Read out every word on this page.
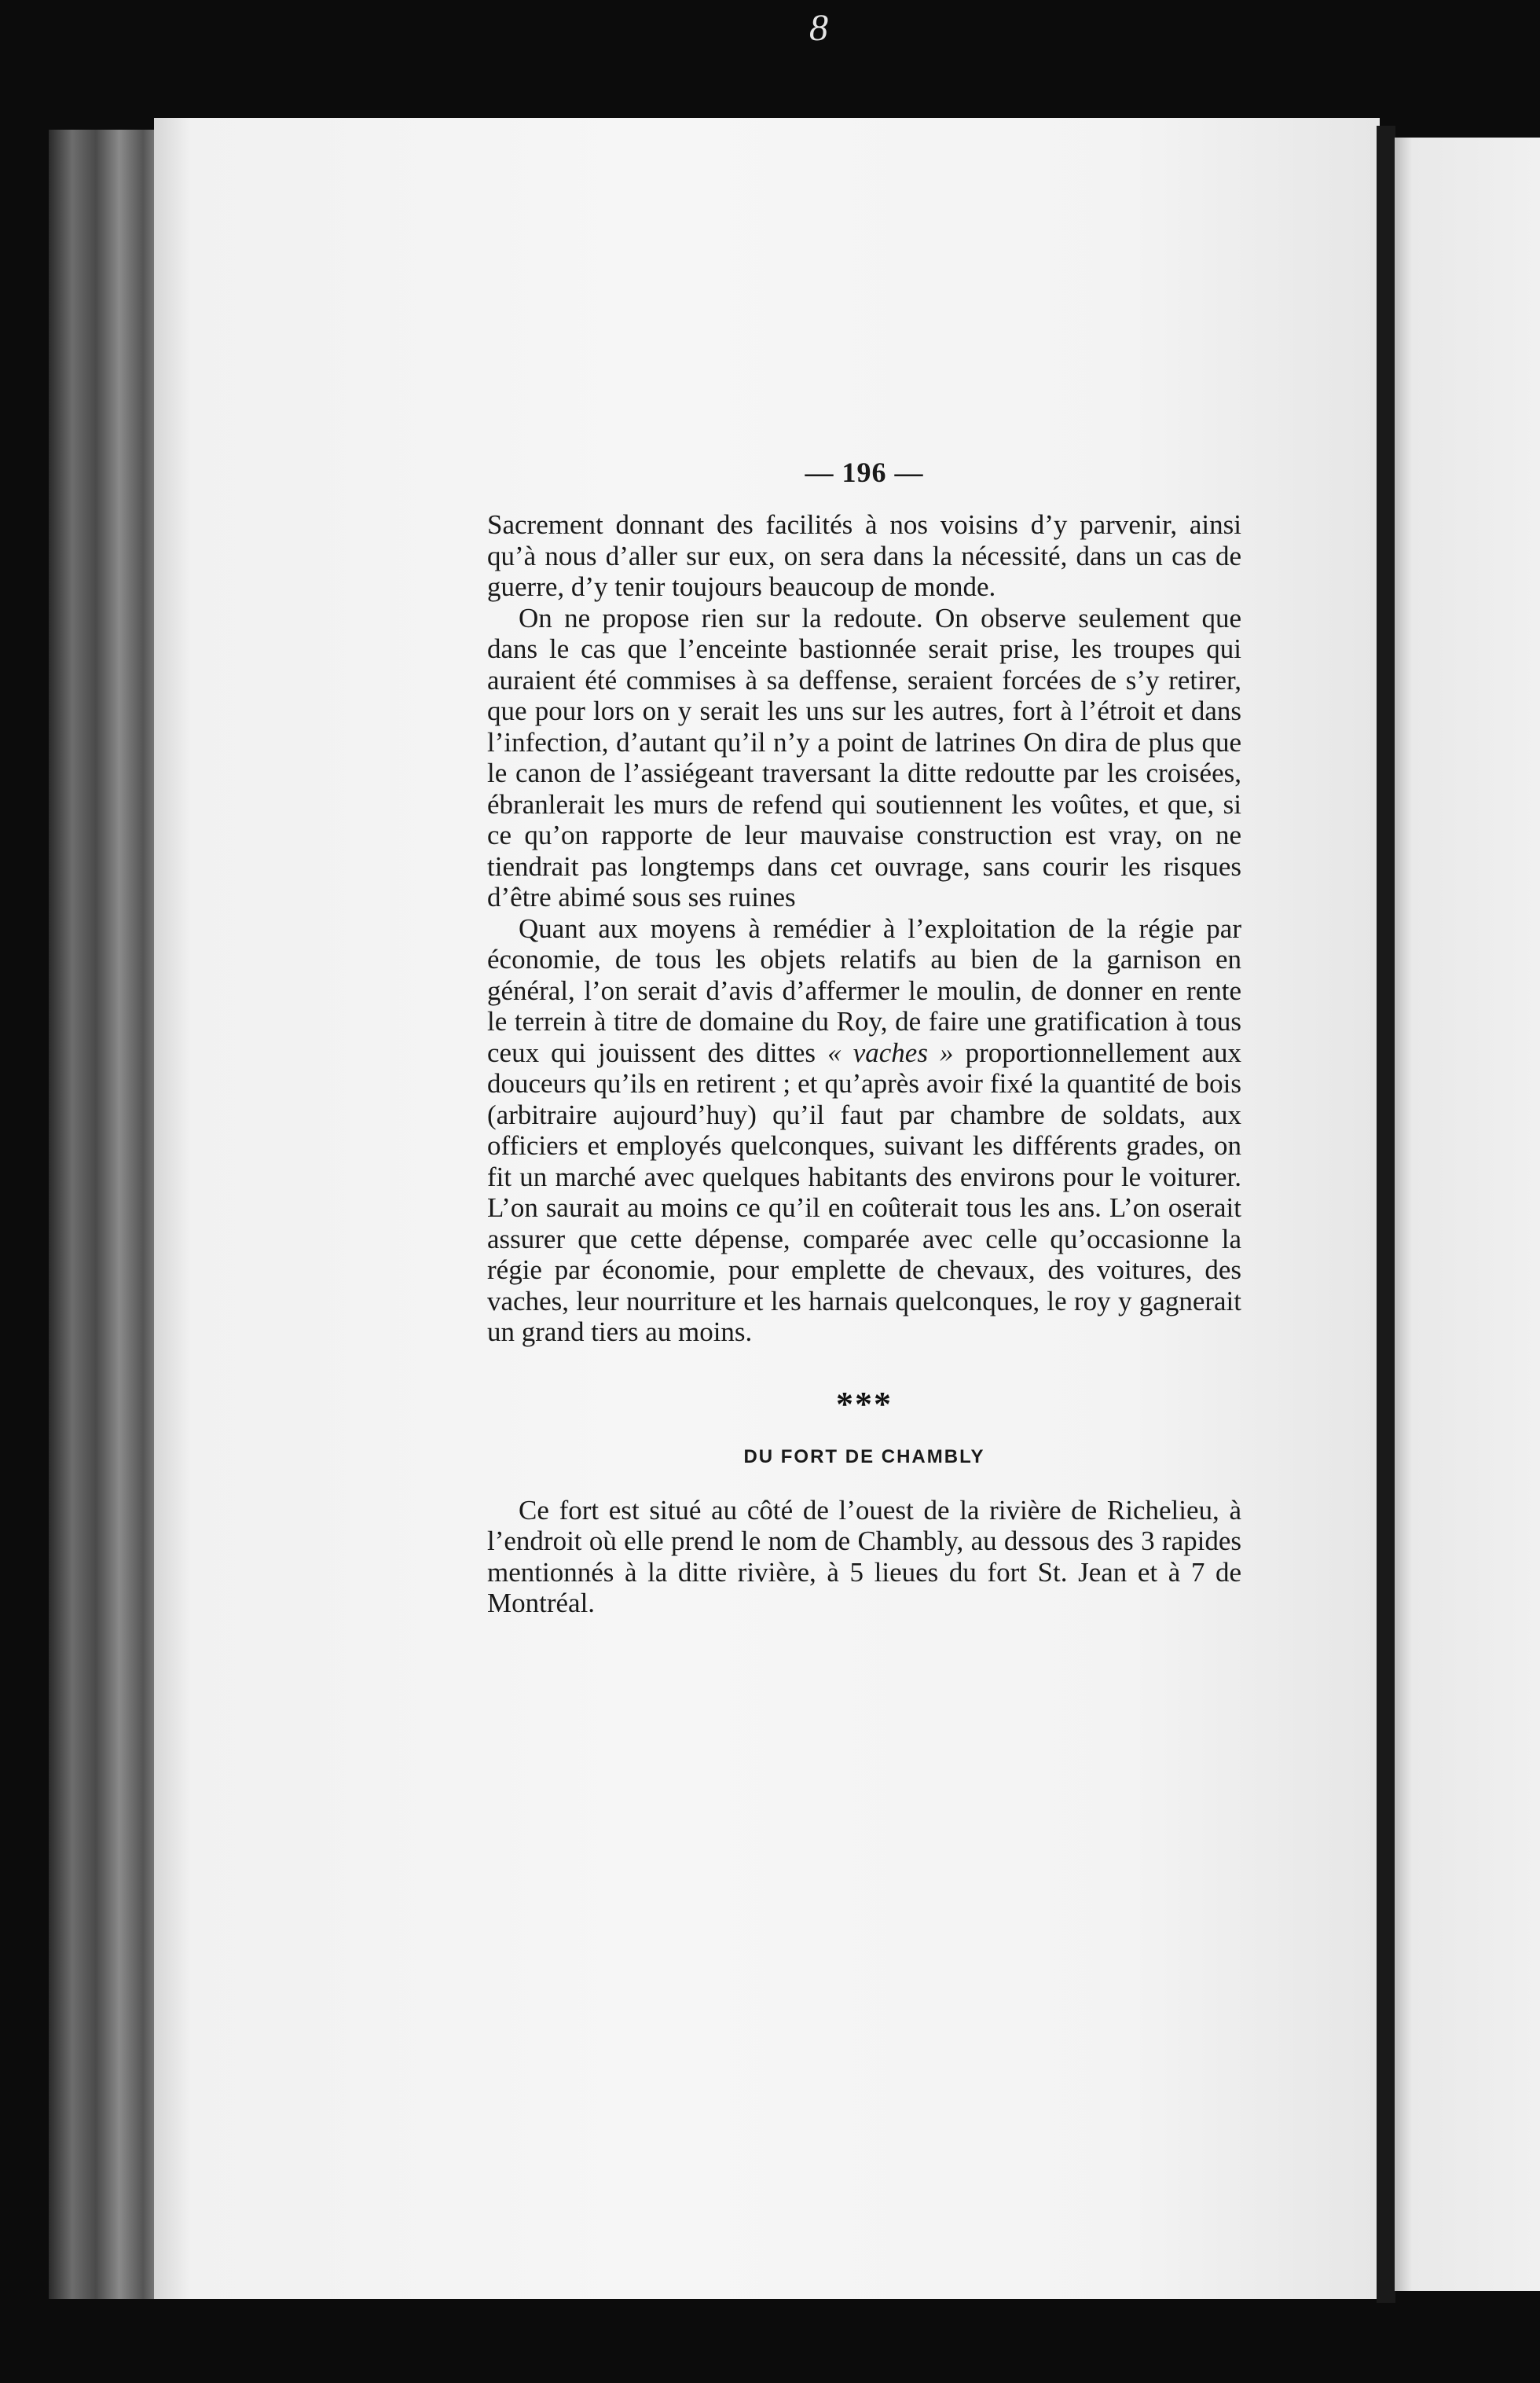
8
— 196 —

Sacrement donnant des facilités à nos voisins d’y parvenir, ainsi qu’à nous d’aller sur eux, on sera dans la nécessité, dans un cas de guerre, d’y tenir toujours beaucoup de monde.

On ne propose rien sur la redoute. On observe seulement que dans le cas que l’enceinte bastionnée serait prise, les troupes qui auraient été commises à sa deffense, seraient forcées de s’y retirer, que pour lors on y serait les uns sur les autres, fort à l’étroit et dans l’infection, d’autant qu’il n’y a point de latrines On dira de plus que le canon de l’assiégeant traversant la ditte redoutte par les croisées, ébranlerait les murs de refend qui soutiennent les voûtes, et que, si ce qu’on rapporte de leur mauvaise construction est vray, on ne tiendrait pas longtemps dans cet ouvrage, sans courir les risques d’être abimé sous ses ruines

Quant aux moyens à remédier à l’exploitation de la régie par économie, de tous les objets relatifs au bien de la garnison en général, l’on serait d’avis d’affermer le moulin, de donner en rente le terrein à titre de domaine du Roy, de faire une gratification à tous ceux qui jouissent des dittes « vaches » proportionnellement aux douceurs qu’ils en retirent ; et qu’après avoir fixé la quantité de bois (arbitraire aujourd’huy) qu’il faut par chambre de soldats, aux officiers et employés quelconques, suivant les différents grades, on fit un marché avec quelques habitants des environs pour le voiturer. L’on saurait au moins ce qu’il en coûterait tous les ans. L’on oserait assurer que cette dépense, comparée avec celle qu’occasionne la régie par économie, pour emplette de chevaux, des voitures, des vaches, leur nourriture et les harnais quelconques, le roy y gagnerait un grand tiers au moins.

***
DU FORT DE CHAMBLY

Ce fort est situé au côté de l’ouest de la rivière de Richelieu, à l’endroit où elle prend le nom de Chambly, au dessous des 3 rapides mentionnés à la ditte rivière, à 5 lieues du fort St. Jean et à 7 de Montréal.
